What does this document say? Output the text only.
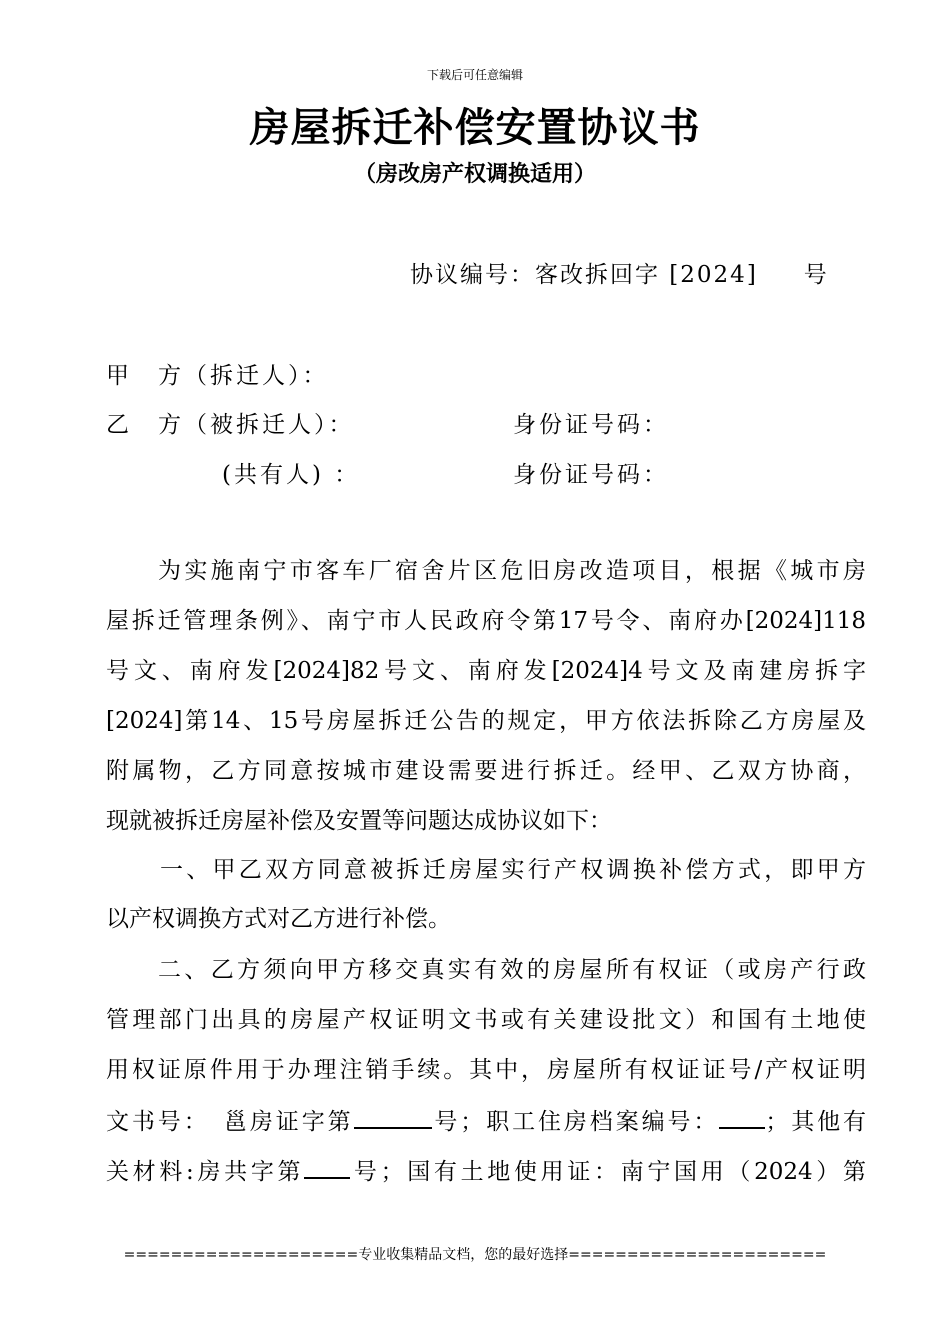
下载后可任意编辑
房屋拆迁补偿安置协议书
（房改房产权调换适用）
协议编号：客改拆回字 [2024] 号
甲　方（拆迁人）：
乙　方（被拆迁人）：
(共有人) ：
身份证号码：
身份证号码：
为实施南宁市客车厂宿舍片区危旧房改造项目，根据《城市房
屋拆迁管理条例》、南宁市人民政府令第17号令、南府办[2024]118
号文、南府发[2024]82号文、南府发[2024]4号文及南建房拆字
[2024]第14、15号房屋拆迁公告的规定，甲方依法拆除乙方房屋及
附属物，乙方同意按城市建设需要进行拆迁。经甲、乙双方协商，
现就被拆迁房屋补偿及安置等问题达成协议如下：
一、甲乙双方同意被拆迁房屋实行产权调换补偿方式，即甲方
以产权调换方式对乙方进行补偿。
二、乙方须向甲方移交真实有效的房屋所有权证（或房产行政
管理部门出具的房屋产权证明文书或有关建设批文）和国有土地使
用权证原件用于办理注销手续。其中，房屋所有权证证号/产权证明
文书号：　邕房证字第	号；职工住房档案编号： ；其他有
关材料:房共字第 号；国有土地使用证：南宁国用（2024）第
====================专业收集精品文档，您的最好选择======================
